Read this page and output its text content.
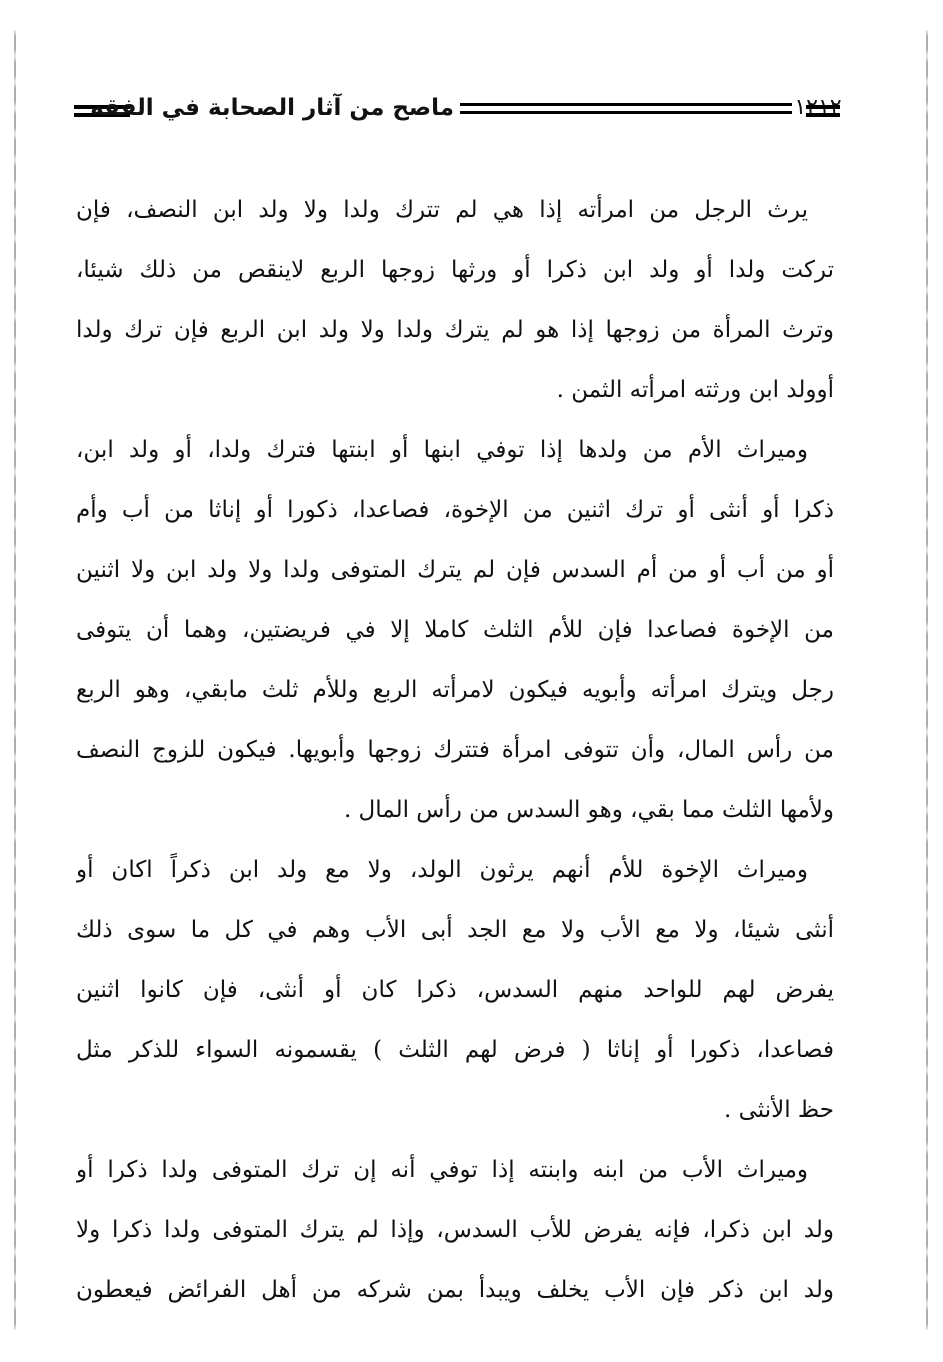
ماصح من آثار الصحابة في الفقه	١٢١٢
يرث الرجل من امرأته إذا هي لم تترك ولدا ولا ولد ابن النصف، فإن
تركت ولدا أو ولد ابن ذكرا أو ورثها زوجها الربع لاينقص من ذلك شيئا،
وترث المرأة من زوجها إذا هو لم يترك ولدا ولا ولد ابن الربع فإن ترك ولدا
أوولد ابن ورثته امرأته الثمن .
وميراث الأم من ولدها إذا توفي ابنها أو ابنتها فترك ولدا، أو ولد ابن،
ذكرا أو أنثى أو ترك اثنين من الإخوة، فصاعدا، ذكورا أو إناثا من أب وأم
أو من أب أو من أم السدس فإن لم يترك المتوفى ولدا ولا ولد ابن ولا اثنين
من الإخوة فصاعدا فإن للأم الثلث كاملا إلا في فريضتين، وهما أن يتوفى
رجل ويترك امرأته وأبويه فيكون لامرأته الربع وللأم ثلث مابقي، وهو الربع
من رأس المال، وأن تتوفى امرأة فتترك زوجها وأبويها. فيكون للزوج النصف
ولأمها الثلث مما بقي، وهو السدس من رأس المال .
وميراث الإخوة للأم أنهم يرثون الولد، ولا مع ولد ابن ذكراً اكان أو
أنثى شيئا، ولا مع الأب ولا مع الجد أبى الأب وهم في كل ما سوى ذلك
يفرض لهم للواحد منهم السدس، ذكرا كان أو أنثى، فإن كانوا اثنين
فصاعدا، ذكورا أو إناثا ( فرض لهم الثلث ) يقسمونه السواء للذكر مثل
حظ الأنثى .
وميراث الأب من ابنه وابنته إذا توفي أنه إن ترك المتوفى ولدا ذكرا أو
ولد ابن ذكرا، فإنه يفرض للأب السدس، وإذا لم يترك المتوفى ولدا ذكرا ولا
ولد ابن ذكر فإن الأب يخلف ويبدأ بمن شركه من أهل الفرائض فيعطون
